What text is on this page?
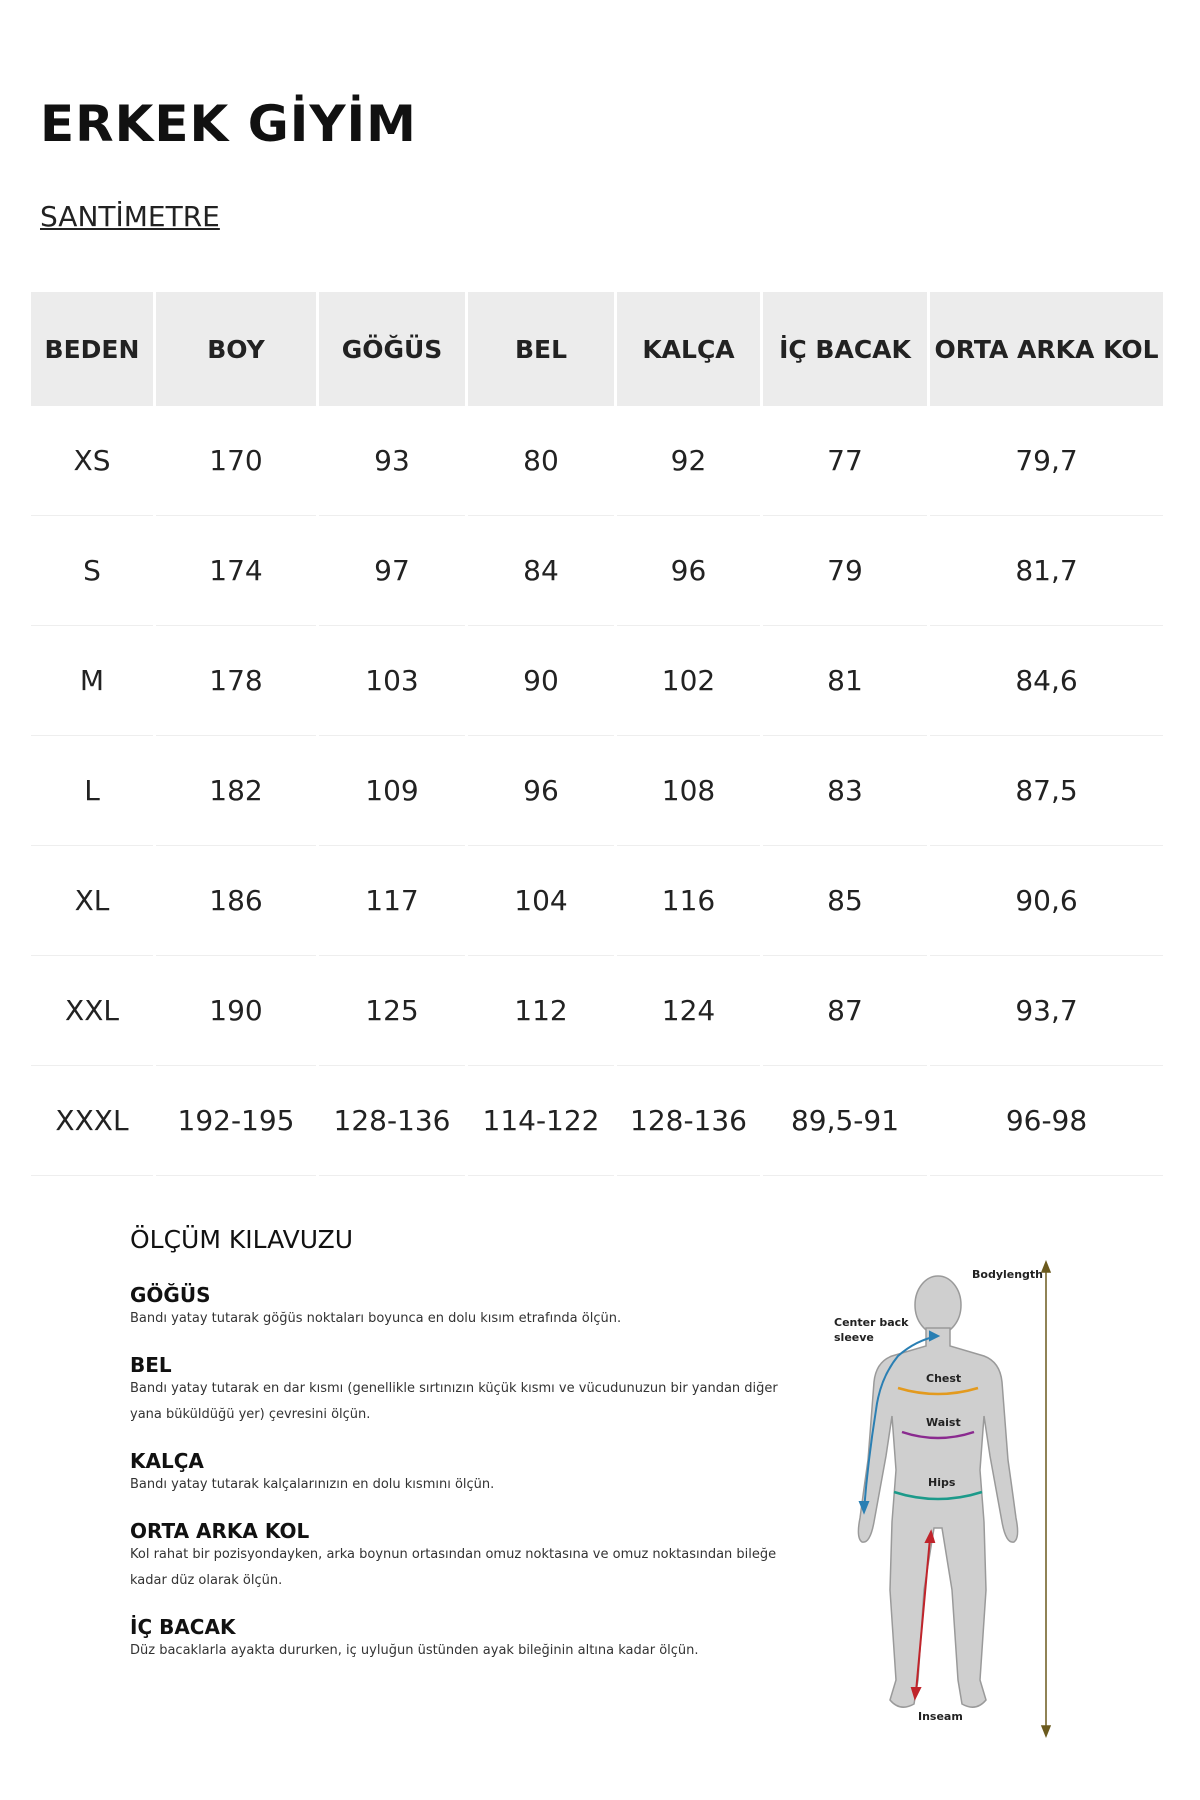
ERKEK GİYİM

SANTİMETRE

BEDEN	BOY	GÖĞÜS	BEL	KALÇA	İÇ BACAK	ORTA ARKA KOL
XS	170	93	80	92	77	79,7
S	174	97	84	96	79	81,7
M	178	103	90	102	81	84,6
L	182	109	96	108	83	87,5
XL	186	117	104	116	85	90,6
XXL	190	125	112	124	87	93,7
XXXL	192-195	128-136	114-122	128-136	89,5-91	96-98
ÖLÇÜM KILAVUZU

GÖĞÜS

Bandı yatay tutarak göğüs noktaları boyunca en dolu kısım etrafında ölçün.

BEL

Bandı yatay tutarak en dar kısmı (genellikle sırtınızın küçük kısmı ve vücudunuzun bir yandan diğer yana büküldüğü yer) çevresini ölçün.

KALÇA

Bandı yatay tutarak kalçalarınızın en dolu kısmını ölçün.

ORTA ARKA KOL

Kol rahat bir pozisyondayken, arka boynun ortasından omuz noktasına ve omuz noktasından bileğe kadar düz olarak ölçün.

İÇ BACAK

Düz bacaklarla ayakta dururken, iç uyluğun üstünden ayak bileğinin altına kadar ölçün.

Bodylength
Center back
sleeve
Chest
Waist
Hips
Inseam
